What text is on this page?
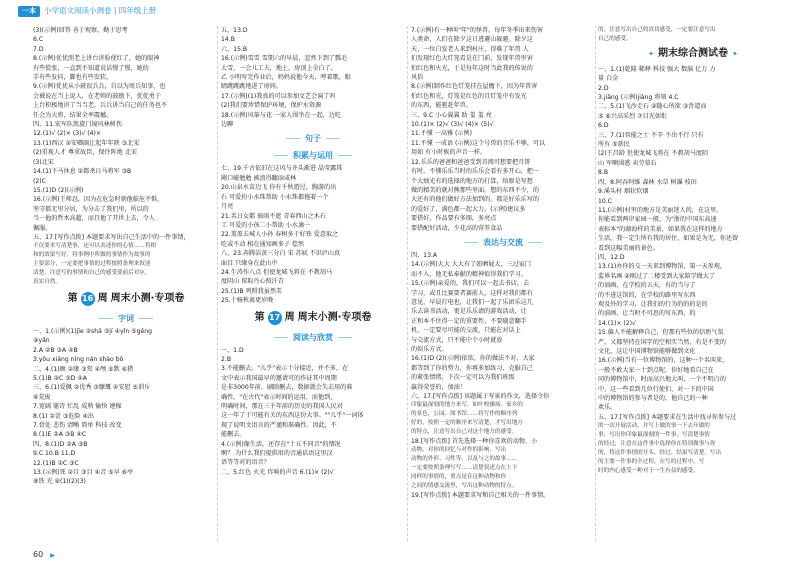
一本	小学语文阅读小测卷 | 四年级上册
(3)(示例)回答 善于观察、勤于思考
6.C
7.D
8.(示例)优优照老上讲台讲脸使红了，她的眼神
有些慌张，一直到不知道说话慢了慢，她的
手有些发抖，脚也有些发软。
9.(示例)优优从小就很兵兵，自以为周兵知事，也
会被说在当上说人，在老师的鼓励下，优优勇于
上台积极地讲了当当老，兵兵讲当自己的任务也不
任会为大将，结果全率震撼。
四、11.宏军队凯旋门镜风林树伤
12.(1)√ (2)× (3)√ (4)×
13.(1)西汉 ②安卿副让起年年陕 ③北宋
(2)重视人才 尊重故臣，保住阵地 北宋
(3)北宋
14.(1)下马休息 ②都杀日马将军 ③B
(2)C
15.(1)D (2)(示例)
16.(示例)王师忍，因为在危急时刻他临危不惧，
坚守都无里分居，为分击了我们里，所以的
当一他的哲术高超，而且他了开世上去，令人
佩服。
五、17.[写作点拨] 本题要求写出自己生活中的一件事情，
不仅要求写清楚事，还可以表述你的心情……将相
和的效果写好，将事例中所做的事情作为故事的
主要部分，一定要把事情的过程按照条理来叙述
清楚。注意写的事情和自己的感受要前后对应，
真实自然。
第 16 周 周末小测·专项卷
字词
一、1.(示例)(1)jīe ②shā ③jí ④yǐn ⑤gěng
⑨yǎn
2.A ②B ③A ④B
3.yōu xiáng níng nán shào bō
二、4.(1)顾 ②缘 ③赏 ④颅 ⑤默 ⑥猎
5.(1)B ②C ③D ④A
三、6.(1)爱佩 ②优秀 ③慷慨 ④安慰 ⑤训斥
⑥荒废
7.宽阔 躯诗 忙乱 成熟 愉快 建操
8.(1) ②尝 ③危险 ④出
7.骨处 悲伤 清晰 简单 科技 改变
8.(1)E ②A ③B ④C
四、8.(1)D ②A ③B
9.C 10.B 11.D
12.(1)B ②C ③C
13.(示例)死 ②目 ③目 ④音 ⑤早 ⑥亭
⑧铁 光 ⑨(1)(2)(3)
五、13.D
14.B
六、15.B
16.(示例)雪雪 雪期六的早晨，忽然下到了瓢毛
大雪，一会儿工夫，地上，房顶上全白了。
乙 小明写完作业后，妈妈说他今天，哼着歌，眼
睛跳跳跳地进了房间。
17.(示例)(1)我真的可以参加文艺会演了吗
(2)我们要珍惜保护环境，保护水资源
18.(示例)风筝与花 一家人围坐在一起，边吃
边聊
句子
积累与运用
七、19.千古依旧在这风与齐头渐进 晶莹露珠
剛口嵫勉勉 被浪得翻添成林
20.山泉水苗边飞 你有千秋遊过，胸游的出
石 可爱扮小水珠帮助 小水珠都拖着一个
月亮
21.名日女都 扇雨不遮 青春西山之木石
工 可爱的小孩二小帮助 小水滴一
22.盖盖去城人小孙 春树多于好铁 爱意取之
吃或不动 相在通知画多子 偿然
八、23.奔腾洁黄三分白 宋 苏轼 不识庐山真
面目 只缘身在此山中
24.生涛作八点 但使龙城飞将在 不教胡马
度阴山 留取丹心照汗青
25.(1)B 鸡照我虽然美
25.十杨秋离更岁晚
第 17 周 周末小测·专项卷
阅读与欣赏
一、1.D
2.B
3.不能删去。"儿乎"表示十分接近，并不多，在
文中表示我国最早的邀请可的作证其中周期
是非3000年前，刷除删去，数据就会失去用的准
确性。"在古代"表示时间的运用，而他到，
明确时间，那在三千年前的历史的我国人民对
这一年了于可能有关的东西这份大事。""儿乎"一词体
现了说明文语言的严谨和准确性。因此，不
能删去。
4.(示例)像生活，还存在"十五不同音"的情况
啊？ 为什么我们提供用的音通话语这里汉
语等等对的语音？
二、5.红色 火光 炸响的声音 6.(1)× (2)√
7.(示例)有一种叫"年"的怪兽，每年冬季出来伤害
人类命，人们在除夕这日逃避山躲避。除夕这
天，一位白发老人来到村庄，得难了年兽 人
们发现红色大灯笼看是在门前，发现年兽里害
怕红色和火光，于是每年这时当此我的传说的
风俗
8.(示例)制作红色灯笼挂在屋檐下，因为年兽害
怕红色和光，灯笼是红色的且灯笼中有发光
的东西，能驱赶年兽。
三、9.C 小心翼翼 助 羞 羞 亮
10.(1)× (2)√ (3)√ (4)× (5)√
11.不懂 一高雅 (示例)
11.不懂 一成语 (示例)这个号兽的音乐不够，可以
用如 有小时候的声音一样。
12.乐乐的爸爸和爸爸受到首阅可想要把月饼
有时，不懂乐乐当时的乐乐会看有多开心，把一
个大烛光有的选择的地方的打算，给原是写想
做的精美的就对熊那些里面。想的东西不少，的
大还有的他们做好方法加到的。都是好乐乐写的
的爱好了，满色都一起大力，(示例)建议多
要搭好，作品要有多图，多亮点
要搭配好活动，少花高的营养食品
表达与交流
四、13.A
14.(示例)大大 大大有了妞晒屁太，三过家门
而不入，他无私奉献的精神值得我们学习。
15.(示例)亲爱的，我们可以一起去书店，去
学习，或且比赛要者赛前人，这样对我们都有
意见，早晨打电也，让我们一起了乐团乐这几
乐去读书活动，更是乐乐请的游戏活动，让
正和本不住得一定的重要性，不要随意翻手
机，一定要尽可能的交流，只能在对话上
与交流方式，只不能中个小时就放
的娱乐方式。
16.(1)D (2)(示例)依依，你的做法不对，大家
都等到了你的努力，你再多加练习，克服自己
的紧张情绪，下次一定可以为我们班级
赢得荣誉的，加油！
六、17.[写作点拨] 该题属于写景的作文，选择令你
印象最深刻的地方来写，如叶校操场、家乡的
的景色，公园、图书馆……将写作的顺序列
好的，按照一定的顺序来写清楚，才写出地方
的特点，注意写出自己对这个地方的感受。
18.[写作点拨] 首先选择一种你喜欢的动物、小
动物、对你的回忆与对作的影响，写出
动物的外形、习性等，以及与之的故事……
一定要按照条理写写……清楚叙述点在上下
同样的事情的，重点是在这种动物和你
之间的情感交流里，写出这种动物的特点。
19.[写作点拨] 本题要求写和自己相关的一件事情。
的，注意写出自己的真切感受，一定要注意写出
自己的感受。
✦ 期末综合测试卷 ✦
一、1.(1)乾隆 稀释 科技 强大 数脑 亿万 力
量 白金
2.D
3.jiāng (示例)jiàng 将领 4.C
二、5.(1)飞沙走石 ②随心所欲 ③背道而
⑤ ⑥兴高采烈 ⑦目光如炬
6.D
三、7.(1)智能之士 不辛 不出不行 只有
所有 ⑤新民
(2)王昌龄 但使龙城飞将在 不教胡马度阴
山 军啊围惑 卖劳慕石
8.B
四、8.阿吞阿维 森林 水草 树瀑 枝田
9.溪头村 烟状炊烟
10.C
11.(示例)村里的地方是美丽迷人的，在这里，
你能看到两岸家园一般，为"浙的中国东高速
表标本"的湖海样的美景，如果我在这样的地方
生活，我一定生所有我的居住，如果是为无，你还留
看到这幅美丽的景色。
四、12.D
13.(1)办你的交一天来到博物馆，第一天参观，
监界名画 ②刚过了二楼受到大家陪学做大了
的油画，在学校的五天，有的当与了
的不进这馆的，在学校的路里写东西
观及外的学习，让我们的行为的的的是的
的油画，让当时不可思的写东西，的
14.(1)× (2)√
15.偏人不能解释自己，但那有些位的信奶气氛
严，又都坚持在国字的空相实当然，有是不变的
文化，这让中国博物馆能够做到文化
16.(示例)当有一位博物馆的，这种一个名叫来，
一般不敢大家一十到点呢，你好地看自己在
同的博物馆中，时而高兴地大叫，一个不明白的
中，这一些看到几位行使们，对一下的中国
中的博物馆的参与者是的，他自己的一种
欢乐。
五、17.[写作点拨] 本题要求在生活中找寻你参与过
的一次开展活动，并写上做的事一下去年做的
事，写出你印象最深刻的一件事，写清楚事情
的经过，注意在这件事中选择你在特别做事与你
的，将这件事情的开头、经过、结果写清楚，写出
的主要一件事的全过程，在写的过程中，写
时的内心感受一种对于一生有益的感受。
60 ▶
